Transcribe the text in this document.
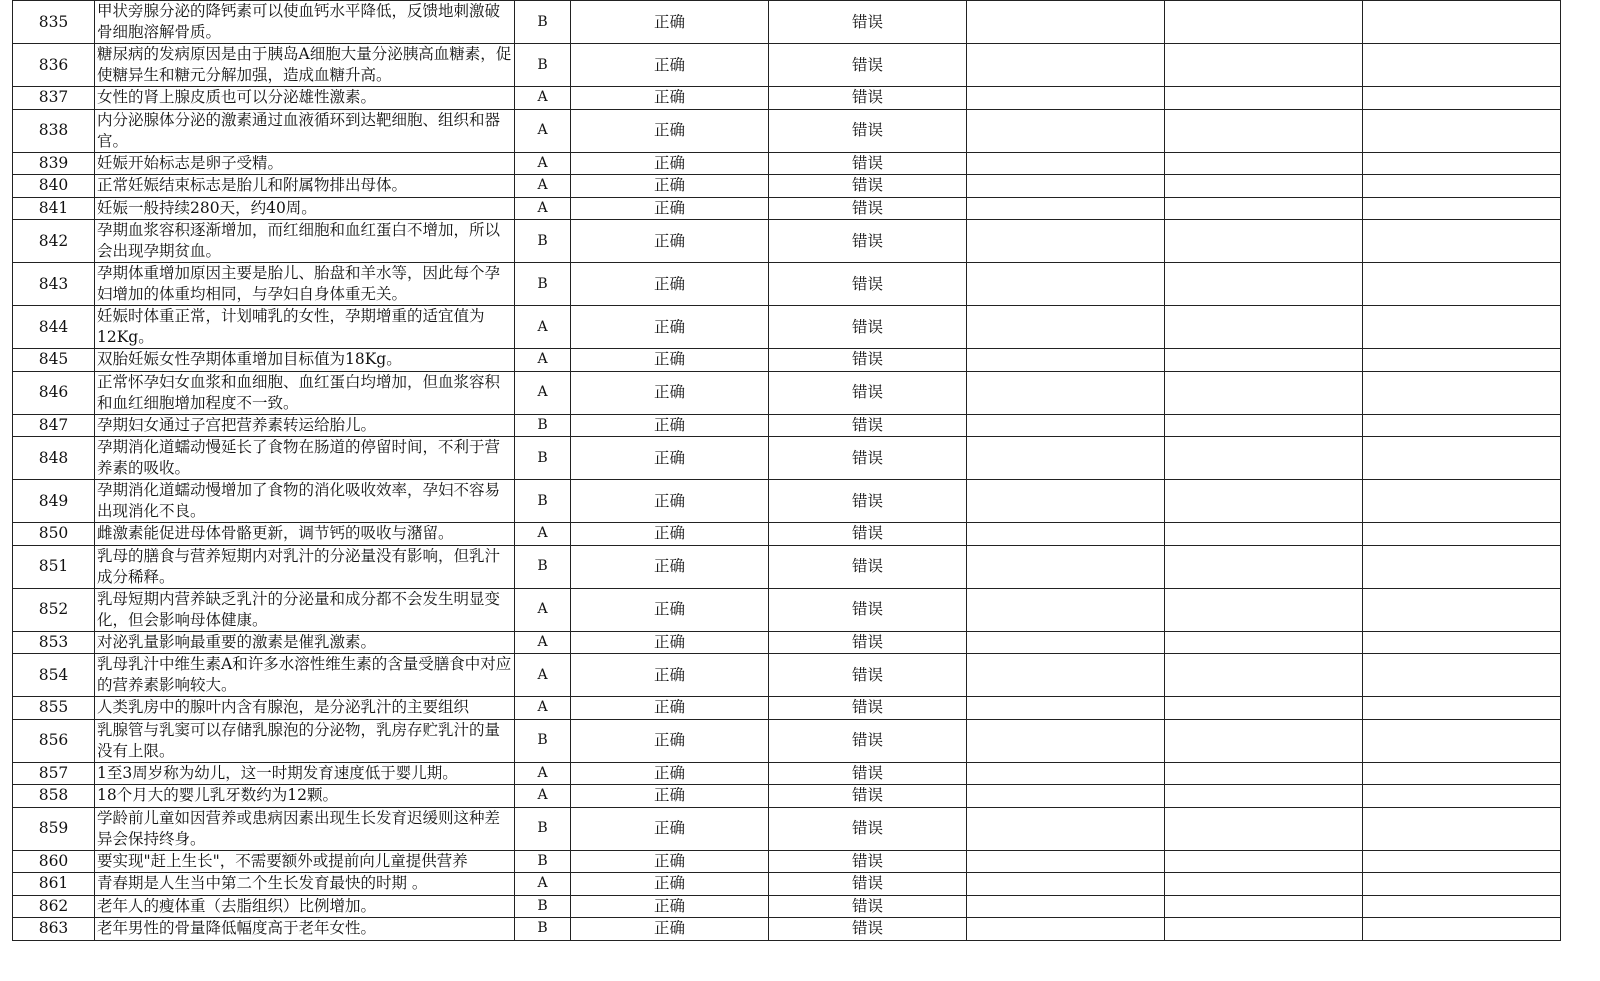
835	甲状旁腺分泌的降钙素可以使血钙水平降低，反馈地刺激破骨细胞溶解骨质。	B	正确	错误			
836	糖尿病的发病原因是由于胰岛A细胞大量分泌胰高血糖素，促使糖异生和糖元分解加强，造成血糖升高。	B	正确	错误			
837	女性的肾上腺皮质也可以分泌雄性激素。	A	正确	错误			
838	内分泌腺体分泌的激素通过血液循环到达靶细胞、组织和器官。	A	正确	错误			
839	妊娠开始标志是卵子受精。	A	正确	错误			
840	正常妊娠结束标志是胎儿和附属物排出母体。	A	正确	错误			
841	妊娠一般持续280天，约40周。	A	正确	错误			
842	孕期血浆容积逐渐增加，而红细胞和血红蛋白不增加，所以会出现孕期贫血。	B	正确	错误			
843	孕期体重增加原因主要是胎儿、胎盘和羊水等，因此每个孕妇增加的体重均相同，与孕妇自身体重无关。	B	正确	错误			
844	妊娠时体重正常，计划哺乳的女性，孕期增重的适宜值为12Kg。	A	正确	错误			
845	双胎妊娠女性孕期体重增加目标值为18Kg。	A	正确	错误			
846	正常怀孕妇女血浆和血细胞、血红蛋白均增加，但血浆容积和血红细胞增加程度不一致。	A	正确	错误			
847	孕期妇女通过子宫把营养素转运给胎儿。	B	正确	错误			
848	孕期消化道蠕动慢延长了食物在肠道的停留时间，不利于营养素的吸收。	B	正确	错误			
849	孕期消化道蠕动慢增加了食物的消化吸收效率，孕妇不容易出现消化不良。	B	正确	错误			
850	雌激素能促进母体骨骼更新，调节钙的吸收与潴留。	A	正确	错误			
851	乳母的膳食与营养短期内对乳汁的分泌量没有影响，但乳汁成分稀释。	B	正确	错误			
852	乳母短期内营养缺乏乳汁的分泌量和成分都不会发生明显变化，但会影响母体健康。	A	正确	错误			
853	对泌乳量影响最重要的激素是催乳激素。	A	正确	错误			
854	乳母乳汁中维生素A和许多水溶性维生素的含量受膳食中对应的营养素影响较大。	A	正确	错误			
855	人类乳房中的腺叶内含有腺泡，是分泌乳汁的主要组织	A	正确	错误			
856	乳腺管与乳窦可以存储乳腺泡的分泌物，乳房存贮乳汁的量没有上限。	B	正确	错误			
857	1至3周岁称为幼儿，这一时期发育速度低于婴儿期。	A	正确	错误			
858	18个月大的婴儿乳牙数约为12颗。	A	正确	错误			
859	学龄前儿童如因营养或患病因素出现生长发育迟缓则这种差异会保持终身。	B	正确	错误			
860	要实现"赶上生长"，不需要额外或提前向儿童提供营养	B	正确	错误			
861	青春期是人生当中第二个生长发育最快的时期 。	A	正确	错误			
862	老年人的瘦体重（去脂组织）比例增加。	B	正确	错误			
863	老年男性的骨量降低幅度高于老年女性。	B	正确	错误			
